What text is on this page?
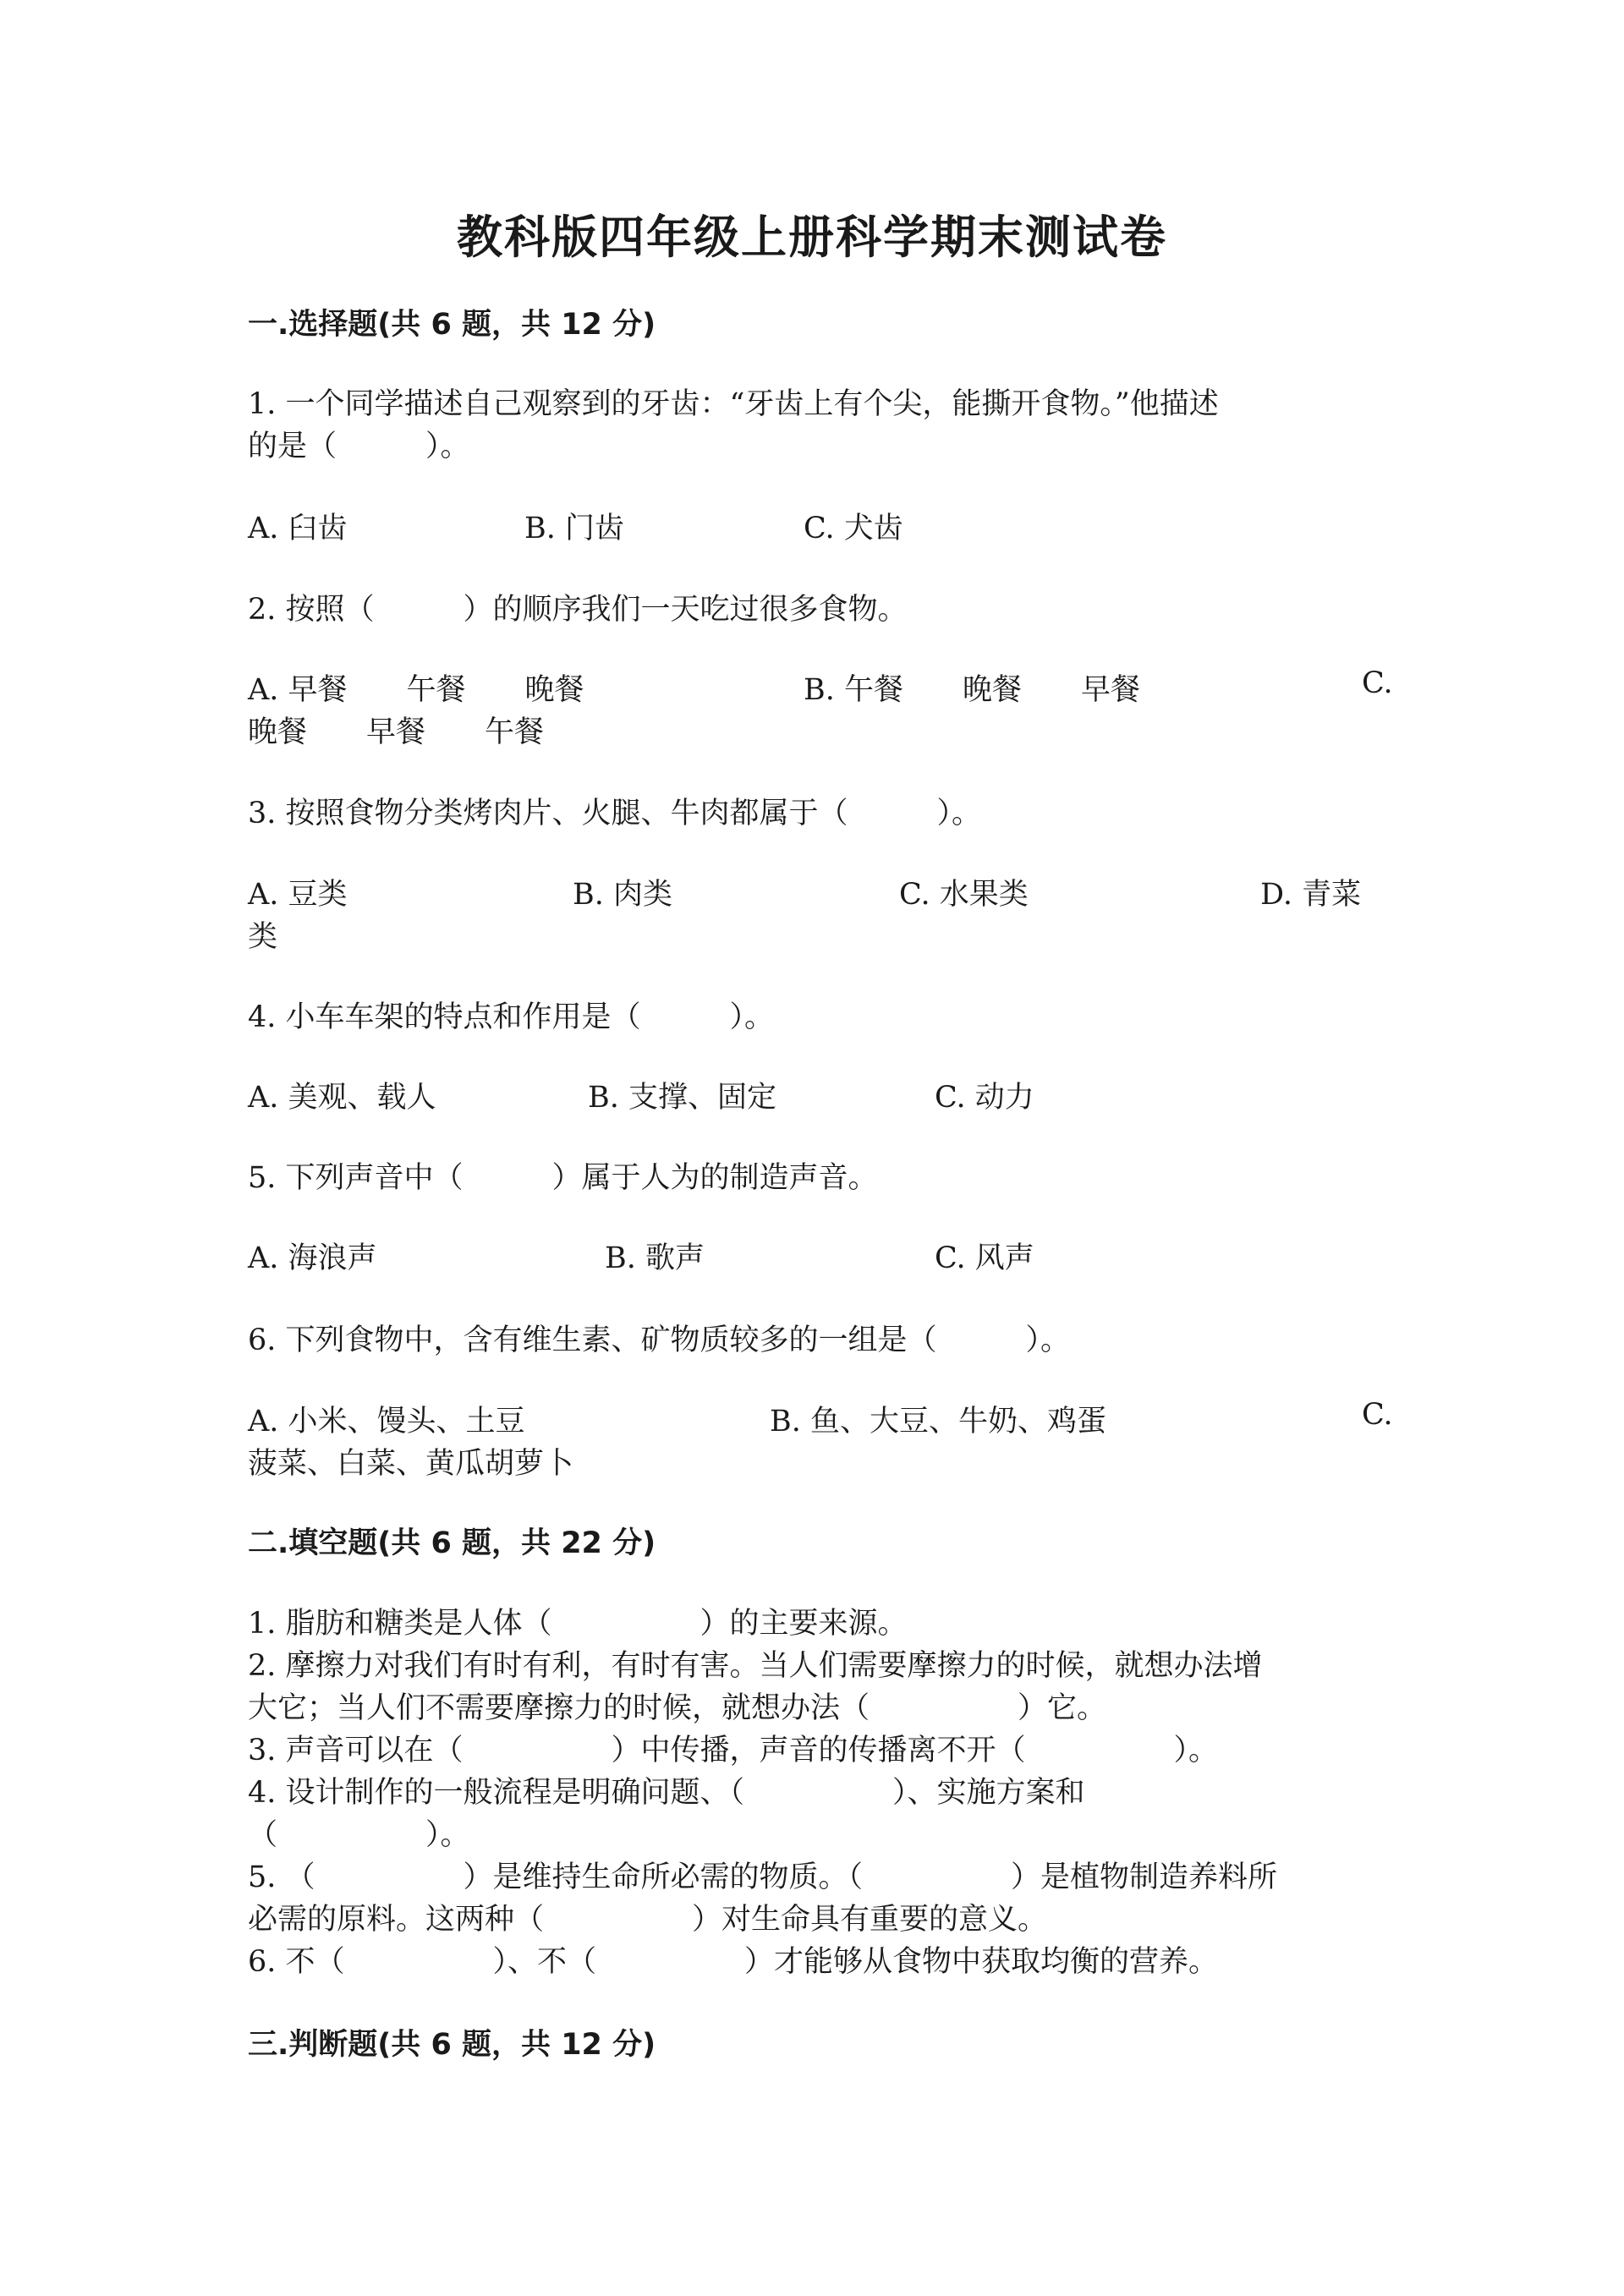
教科版四年级上册科学期末测试卷
一.选择题(共 6 题，共 12 分)
1. 一个同学描述自己观察到的牙齿：“牙齿上有个尖，能撕开食物。”他描述
的是（　　　）。
A. 臼齿	B. 门齿	C. 犬齿
2. 按照（　　　）的顺序我们一天吃过很多食物。
A. 早餐　　午餐　　晚餐	B. 午餐　　晚餐　　早餐	C.
晚餐　　早餐　　午餐
3. 按照食物分类烤肉片、火腿、牛肉都属于（　　　）。
A. 豆类	B. 肉类	C. 水果类	D. 青菜
类
4. 小车车架的特点和作用是（　　　）。
A. 美观、载人	B. 支撑、固定	C. 动力
5. 下列声音中（　　　）属于人为的制造声音。
A. 海浪声	B. 歌声	C. 风声
6. 下列食物中，含有维生素、矿物质较多的一组是（　　　）。
A. 小米、馒头、土豆	B. 鱼、大豆、牛奶、鸡蛋	C.
菠菜、白菜、黄瓜胡萝卜
二.填空题(共 6 题，共 22 分)
1. 脂肪和糖类是人体（　　　　　）的主要来源。
2. 摩擦力对我们有时有利，有时有害。当人们需要摩擦力的时候，就想办法增
大它；当人们不需要摩擦力的时候，就想办法（　　　　　）它。
3. 声音可以在（　　　　　）中传播，声音的传播离不开（　　　　　）。
4. 设计制作的一般流程是明确问题、（　　　　　）、实施方案和
（　　　　　）。
5. （　　　　　）是维持生命所必需的物质。（　　　　　）是植物制造养料所
必需的原料。这两种（　　　　　）对生命具有重要的意义。
6. 不（　　　　　）、不（　　　　　）才能够从食物中获取均衡的营养。
三.判断题(共 6 题，共 12 分)
